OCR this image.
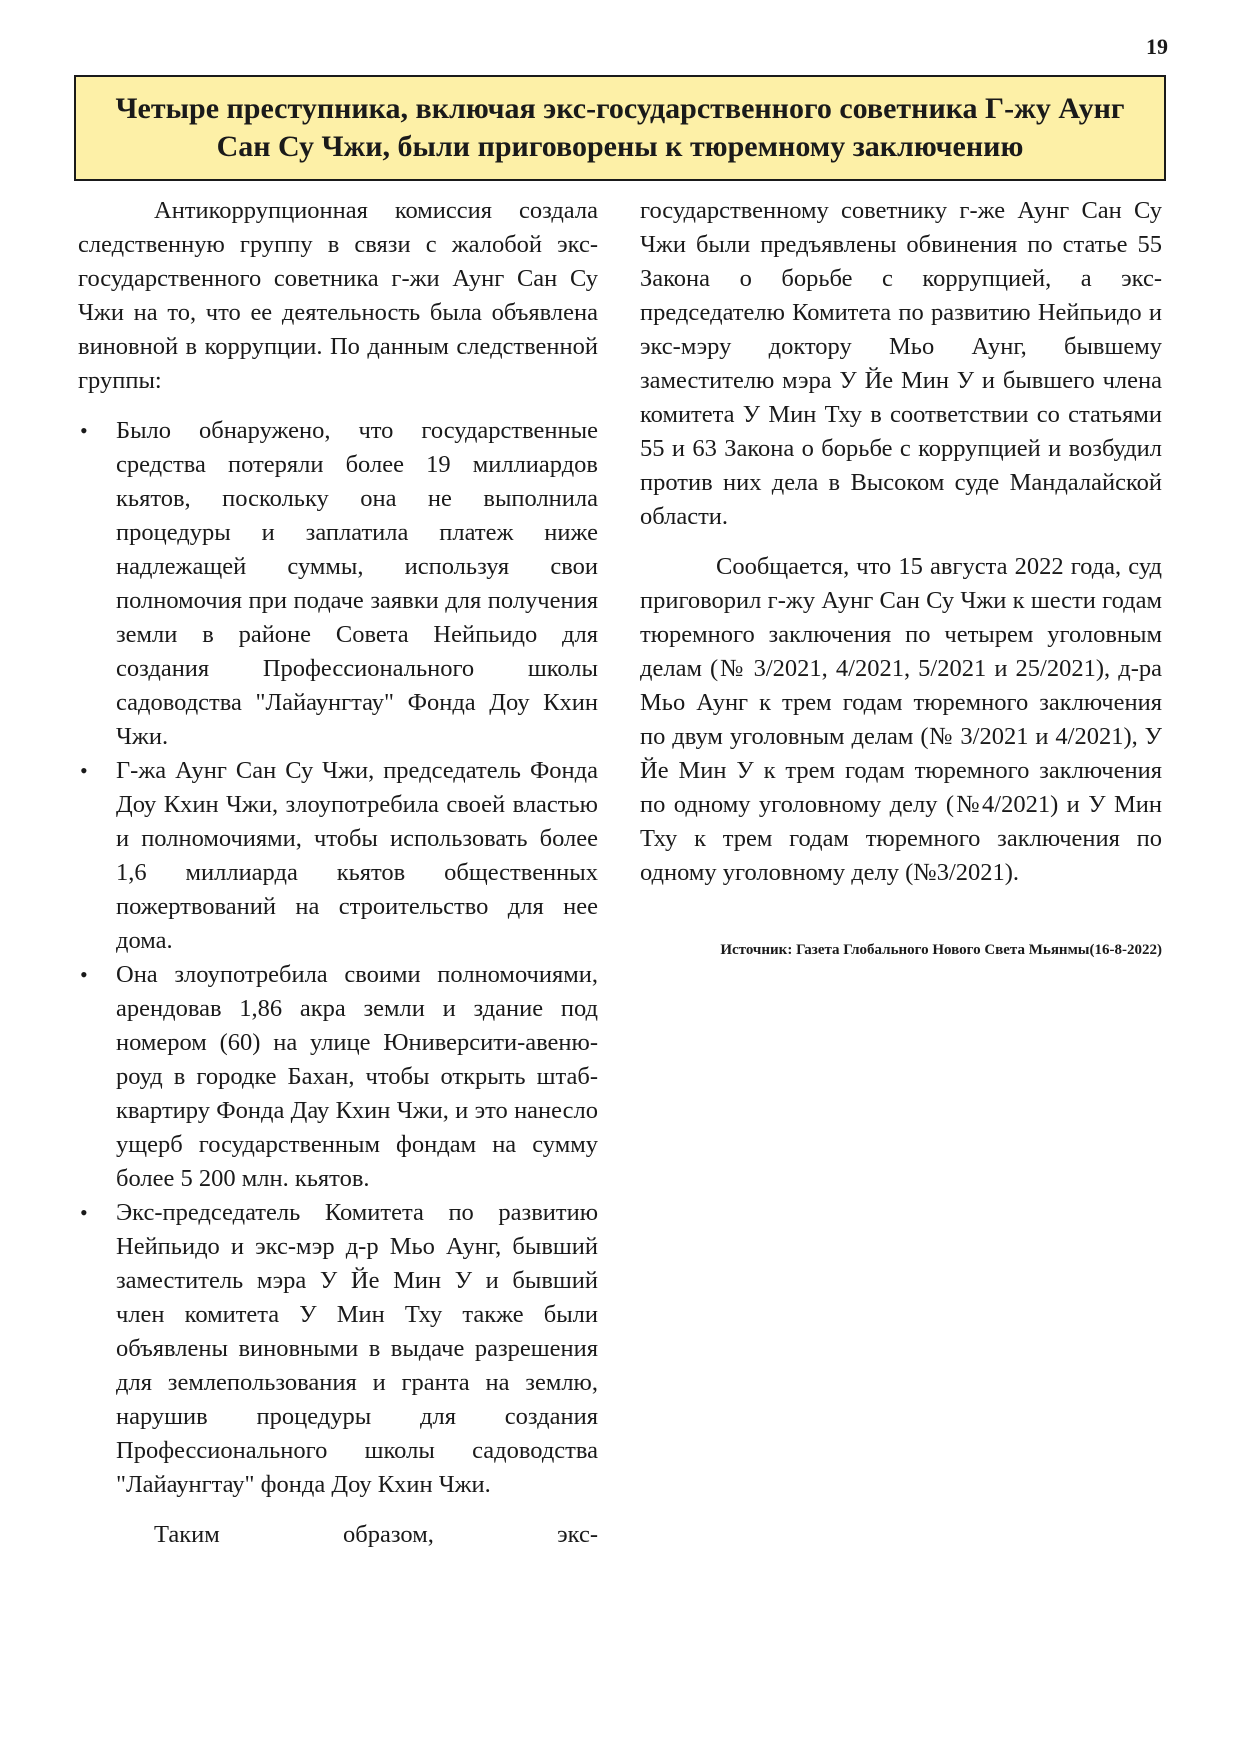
19
Четыре преступника, включая экс-государственного советника Г-жу Аунг Сан Су Чжи, были приговорены к тюремному заключению

Антикоррупционная комиссия создала следственную группу в связи с жалобой экс-государственного советника г-жи Аунг Сан Су Чжи на то, что ее деятельность была объявлена виновной в коррупции. По данным следственной группы:

• Было обнаружено, что государственные средства потеряли более 19 миллиардов кьятов, поскольку она не выполнила процедуры и заплатила платеж ниже надлежащей суммы, используя свои полномочия при подаче заявки для получения земли в районе Совета Нейпьидо для создания Профессионального школы садоводства "Лайаунгтау" Фонда Доу Кхин Чжи.
• Г-жа Аунг Сан Су Чжи, председатель Фонда Доу Кхин Чжи, злоупотребила своей властью и полномочиями, чтобы использовать более 1,6 миллиарда кьятов общественных пожертвований на строительство для нее дома.
• Она злоупотребила своими полномочиями, арендовав 1,86 акра земли и здание под номером (60) на улице Юниверсити-авеню-роуд в городке Бахан, чтобы открыть штаб-квартиру Фонда Дау Кхин Чжи, и это нанесло ущерб государственным фондам на сумму более 5 200 млн. кьятов.
• Экс-председатель Комитета по развитию Нейпьидо и экс-мэр д-р Мьо Аунг, бывший заместитель мэра У Йе Мин У и бывший член комитета У Мин Тху также были объявлены виновными в выдаче разрешения для землепользования и гранта на землю, нарушив процедуры для создания Профессионального школы садоводства "Лайаунгтау" фонда Доу Кхин Чжи.

Таким образом, экс-

государственному советнику г-же Аунг Сан Су Чжи были предъявлены обвинения по статье 55 Закона о борьбе с коррупцией, а экс-председателю Комитета по развитию Нейпьидо и экс-мэру доктору Мьо Аунг, бывшему заместителю мэра У Йе Мин У и бывшего члена комитета У Мин Тху в соответствии со статьями 55 и 63 Закона о борьбе с коррупцией и возбудил против них дела в Высоком суде Мандалайской области.

Сообщается, что 15 августа 2022 года, суд приговорил г-жу Аунг Сан Су Чжи к шести годам тюремного заключения по четырем уголовным делам (№ 3/2021, 4/2021, 5/2021 и 25/2021), д-ра Мьо Аунг к трем годам тюремного заключения по двум уголовным делам (№ 3/2021 и 4/2021), У Йе Мин У к трем годам тюремного заключения по одному уголовному делу (№4/2021) и У Мин Тху к трем годам тюремного заключения по одному уголовному делу (№3/2021).

Источник: Газета Глобального Нового Света Мьянмы(16-8-2022)
